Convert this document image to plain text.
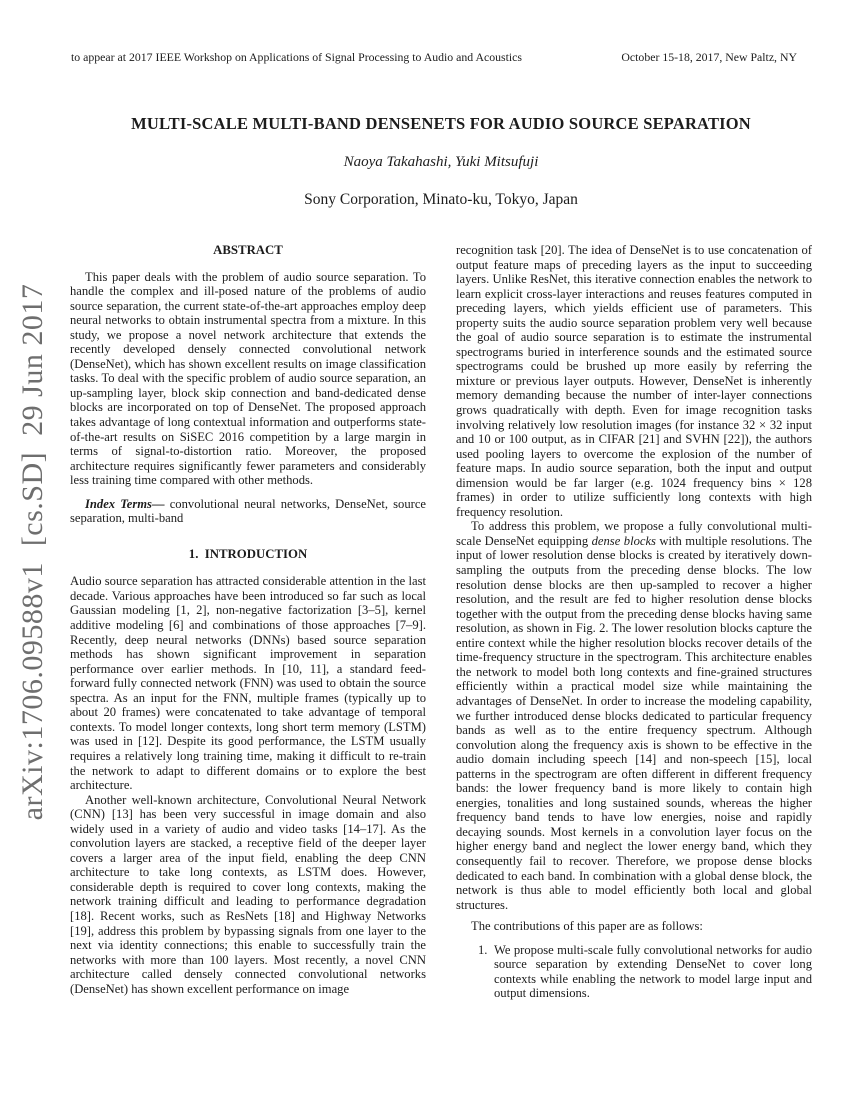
arXiv:1706.09588v1  [cs.SD]  29 Jun 2017
to appear at 2017 IEEE Workshop on Applications of Signal Processing to Audio and Acoustics	October 15-18, 2017, New Paltz, NY
MULTI-SCALE MULTI-BAND DENSENETS FOR AUDIO SOURCE SEPARATION
Naoya Takahashi, Yuki Mitsufuji
Sony Corporation, Minato-ku, Tokyo, Japan
ABSTRACT

This paper deals with the problem of audio source separation. To handle the complex and ill-posed nature of the problems of audio source separation, the current state-of-the-art approaches employ deep neural networks to obtain instrumental spectra from a mixture. In this study, we propose a novel network architecture that extends the recently developed densely connected convolutional network (DenseNet), which has shown excellent results on image classification tasks. To deal with the specific problem of audio source separation, an up-sampling layer, block skip connection and band-dedicated dense blocks are incorporated on top of DenseNet. The proposed approach takes advantage of long contextual information and outperforms state-of-the-art results on SiSEC 2016 competition by a large margin in terms of signal-to-distortion ratio. Moreover, the proposed architecture requires significantly fewer parameters and considerably less training time compared with other methods.

Index Terms— convolutional neural networks, DenseNet, source separation, multi-band

1.  INTRODUCTION

Audio source separation has attracted considerable attention in the last decade. Various approaches have been introduced so far such as local Gaussian modeling [1, 2], non-negative factorization [3–5], kernel additive modeling [6] and combinations of those approaches [7–9]. Recently, deep neural networks (DNNs) based source separation methods has shown significant improvement in separation performance over earlier methods. In [10, 11], a standard feed-forward fully connected network (FNN) was used to obtain the source spectra. As an input for the FNN, multiple frames (typically up to about 20 frames) were concatenated to take advantage of temporal contexts. To model longer contexts, long short term memory (LSTM) was used in [12]. Despite its good performance, the LSTM usually requires a relatively long training time, making it difficult to re-train the network to adapt to different domains or to explore the best architecture.

Another well-known architecture, Convolutional Neural Network (CNN) [13] has been very successful in image domain and also widely used in a variety of audio and video tasks [14–17]. As the convolution layers are stacked, a receptive field of the deeper layer covers a larger area of the input field, enabling the deep CNN architecture to take long contexts, as LSTM does. However, considerable depth is required to cover long contexts, making the network training difficult and leading to performance degradation [18]. Recent works, such as ResNets [18] and Highway Networks [19], address this problem by bypassing signals from one layer to the next via identity connections; this enable to successfully train the networks with more than 100 layers. Most recently, a novel CNN architecture called densely connected convolutional networks (DenseNet) has shown excellent performance on image

recognition task [20]. The idea of DenseNet is to use concatenation of output feature maps of preceding layers as the input to succeeding layers. Unlike ResNet, this iterative connection enables the network to learn explicit cross-layer interactions and reuses features computed in preceding layers, which yields efficient use of parameters. This property suits the audio source separation problem very well because the goal of audio source separation is to estimate the instrumental spectrograms buried in interference sounds and the estimated source spectrograms could be brushed up more easily by referring the mixture or previous layer outputs. However, DenseNet is inherently memory demanding because the number of inter-layer connections grows quadratically with depth. Even for image recognition tasks involving relatively low resolution images (for instance 32 × 32 input and 10 or 100 output, as in CIFAR [21] and SVHN [22]), the authors used pooling layers to overcome the explosion of the number of feature maps. In audio source separation, both the input and output dimension would be far larger (e.g. 1024 frequency bins × 128 frames) in order to utilize sufficiently long contexts with high frequency resolution.

To address this problem, we propose a fully convolutional multi-scale DenseNet equipping dense blocks with multiple resolutions. The input of lower resolution dense blocks is created by iteratively down-sampling the outputs from the preceding dense blocks. The low resolution dense blocks are then up-sampled to recover a higher resolution, and the result are fed to higher resolution dense blocks together with the output from the preceding dense blocks having same resolution, as shown in Fig. 2. The lower resolution blocks capture the entire context while the higher resolution blocks recover details of the time-frequency structure in the spectrogram. This architecture enables the network to model both long contexts and fine-grained structures efficiently within a practical model size while maintaining the advantages of DenseNet. In order to increase the modeling capability, we further introduced dense blocks dedicated to particular frequency bands as well as to the entire frequency spectrum. Although convolution along the frequency axis is shown to be effective in the audio domain including speech [14] and non-speech [15], local patterns in the spectrogram are often different in different frequency bands: the lower frequency band is more likely to contain high energies, tonalities and long sustained sounds, whereas the higher frequency band tends to have low energies, noise and rapidly decaying sounds. Most kernels in a convolution layer focus on the higher energy band and neglect the lower energy band, which they consequently fail to recover. Therefore, we propose dense blocks dedicated to each band. In combination with a global dense block, the network is thus able to model efficiently both local and global structures.

The contributions of this paper are as follows:

1. We propose multi-scale fully convolutional networks for audio source separation by extending DenseNet to cover long contexts while enabling the network to model large input and output dimensions.
